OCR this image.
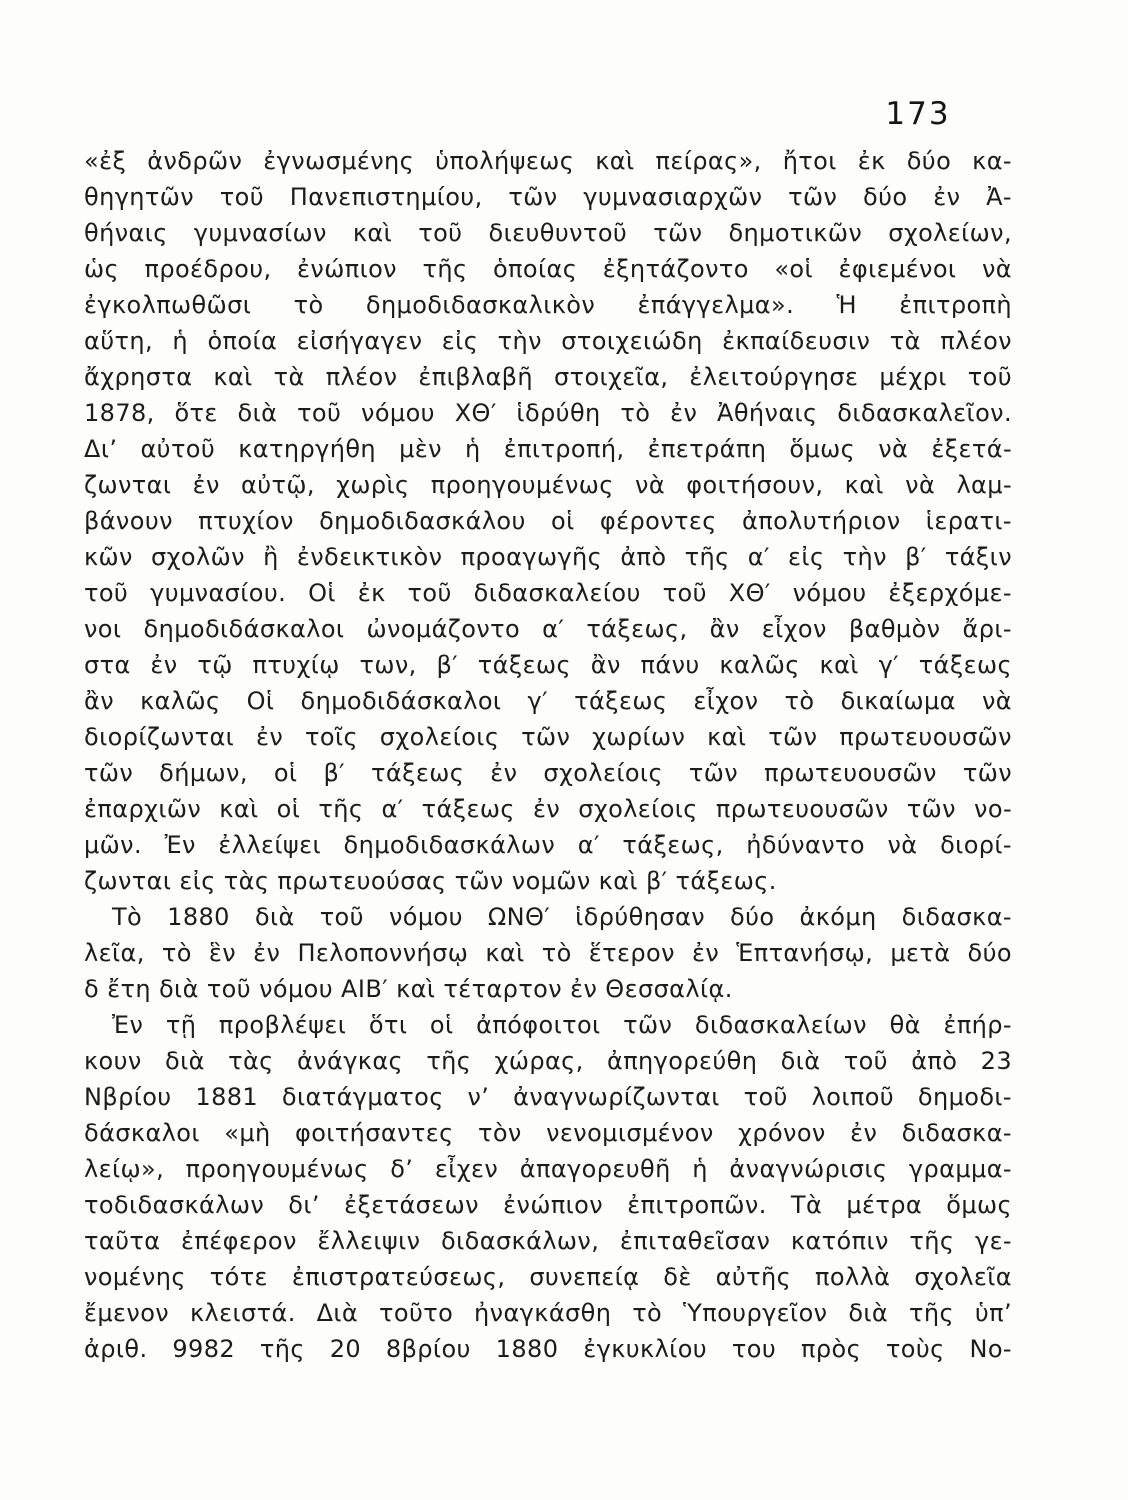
173
«ἐξ ἀνδρῶν ἐγνωσμένης ὑπολήψεως καὶ πείρας», ἤτοι ἐκ δύο κα-
θηγητῶν τοῦ Πανεπιστημίου, τῶν γυμνασιαρχῶν τῶν δύο ἐν Ἀ-
θήναις γυμνασίων καὶ τοῦ διευθυντοῦ τῶν δημοτικῶν σχολείων,
ὡς προέδρου, ἐνώπιον τῆς ὁποίας ἐξητάζοντο «οἱ ἐφιεμένοι νὰ
ἐγκολπωθῶσι τὸ δημοδιδασκαλικὸν ἐπάγγελμα». Ἡ ἐπιτροπὴ
αὕτη, ἡ ὁποία εἰσήγαγεν εἰς τὴν στοιχειώδη ἐκπαίδευσιν τὰ πλέον
ἄχρηστα καὶ τὰ πλέον ἐπιβλαβῆ στοιχεῖα, ἐλειτούργησε μέχρι τοῦ
1878, ὅτε διὰ τοῦ νόμου ΧΘ′ ἱδρύθη τὸ ἐν Ἀθήναις διδασκαλεῖον.
Δι’ αὐτοῦ κατηργήθη μὲν ἡ ἐπιτροπή, ἐπετράπη ὅμως νὰ ἐξετά-
ζωνται ἐν αὐτῷ, χωρὶς προηγουμένως νὰ φοιτήσουν, καὶ νὰ λαμ-
βάνουν πτυχίον δημοδιδασκάλου οἱ φέροντες ἀπολυτήριον ἱερατι-
κῶν σχολῶν ἢ ἐνδεικτικὸν προαγωγῆς ἀπὸ τῆς α′ εἰς τὴν β′ τάξιν
τοῦ γυμνασίου. Οἱ ἐκ τοῦ διδασκαλείου τοῦ ΧΘ′ νόμου ἐξερχόμε-
νοι δημοδιδάσκαλοι ὠνομάζοντο α′ τάξεως, ἂν εἶχον βαθμὸν ἄρι-
στα ἐν τῷ πτυχίῳ των, β′ τάξεως ἂν πάνυ καλῶς καὶ γ′ τάξεως
ἂν καλῶς Οἱ δημοδιδάσκαλοι γ′ τάξεως εἶχον τὸ δικαίωμα νὰ
διορίζωνται ἐν τοῖς σχολείοις τῶν χωρίων καὶ τῶν πρωτευουσῶν
τῶν δήμων, οἱ β′ τάξεως ἐν σχολείοις τῶν πρωτευουσῶν τῶν
ἐπαρχιῶν καὶ οἱ τῆς α′ τάξεως ἐν σχολείοις πρωτευουσῶν τῶν νο-
μῶν. Ἐν ἐλλείψει δημοδιδασκάλων α′ τάξεως, ἠδύναντο νὰ διορί-
ζωνται εἰς τὰς πρωτευούσας τῶν νομῶν καὶ β′ τάξεως.
Τὸ 1880 διὰ τοῦ νόμου ΩΝΘ′ ἱδρύθησαν δύο ἀκόμη διδασκα-
λεῖα, τὸ ἓν ἐν Πελοποννήσῳ καὶ τὸ ἕτερον ἐν Ἑπτανήσῳ, μετὰ δύο
δ ἔτη διὰ τοῦ νόμου ΑΙΒ′ καὶ τέταρτον ἐν Θεσσαλίᾳ.
Ἐν τῇ προβλέψει ὅτι οἱ ἀπόφοιτοι τῶν διδασκαλείων θὰ ἐπήρ-
κουν διὰ τὰς ἀνάγκας τῆς χώρας, ἀπηγορεύθη διὰ τοῦ ἀπὸ 23
Νβρίου 1881 διατάγματος ν’ ἀναγνωρίζωνται τοῦ λοιποῦ δημοδι-
δάσκαλοι «μὴ φοιτήσαντες τὸν νενομισμένον χρόνον ἐν διδασκα-
λείῳ», προηγουμένως δ’ εἶχεν ἀπαγορευθῆ ἡ ἀναγνώρισις γραμμα-
τοδιδασκάλων δι’ ἐξετάσεων ἐνώπιον ἐπιτροπῶν. Τὰ μέτρα ὅμως
ταῦτα ἐπέφερον ἔλλειψιν διδασκάλων, ἐπιταθεῖσαν κατόπιν τῆς γε-
νομένης τότε ἐπιστρατεύσεως, συνεπείᾳ δὲ αὐτῆς πολλὰ σχολεῖα
ἔμενον κλειστά. Διὰ τοῦτο ἠναγκάσθη τὸ Ὑπουργεῖον διὰ τῆς ὑπ’
ἀριθ. 9982 τῆς 20 8βρίου 1880 ἐγκυκλίου του πρὸς τοὺς Νο-
